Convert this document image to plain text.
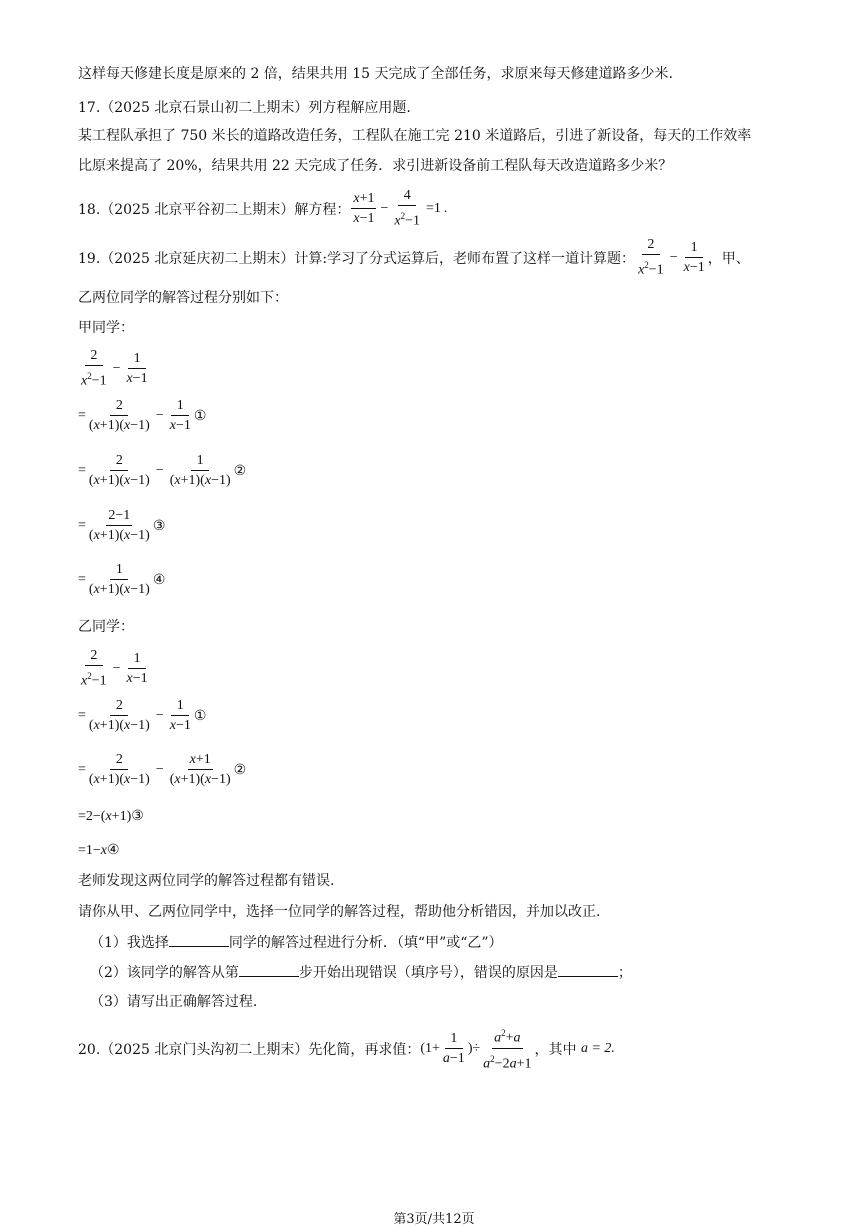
这样每天修建长度是原来的 2 倍，结果共用 15 天完成了全部任务，求原来每天修建道路多少米.
17.（2025 北京石景山初二上期末）列方程解应用题.
某工程队承担了 750 米长的道路改造任务，工程队在施工完 210 米道路后，引进了新设备，每天的工作效率
比原来提高了 20%，结果共用 22 天完成了任务．求引进新设备前工程队每天改造道路多少米？
18.（2025 北京平谷初二上期末）解方程：
x+1
x−1
− $\frac{4}{x^2-1} =1$ .
19.（2025 北京延庆初二上期末）计算:学习了分式运算后，老师布置了这样一道计算题：
2
$x^2-1$
− $\frac{1}{x-1}$ ，甲、
乙两位同学的解答过程分别如下：
甲同学：
2
$x^2-1$
− $\frac{1}{x-1}$
= $\frac{2}{(x+1)(x-1)} - \frac{1}{x-1}$ ①
= $\frac{2}{(x+1)(x-1)} - \frac{1}{(x+1)(x-1)}$ ②
= $\frac{2-1}{(x+1)(x-1)}$ ③
= $\frac{1}{(x+1)(x-1)}$ ④
乙同学：
2
$x^2-1$
− $\frac{1}{x-1}$
= $\frac{2}{(x+1)(x-1)} - \frac{1}{x-1}$ ①
= $\frac{2}{(x+1)(x-1)} - \frac{x+1}{(x+1)(x-1)}$ ②
=2−(x+1)③
=1−x④
老师发现这两位同学的解答过程都有错误.
请你从甲、乙两位同学中，选择一位同学的解答过程，帮助他分析错因，并加以改正.
（1）我选择	同学的解答过程进行分析．（填“甲”或“乙”）
（2）该同学的解答从第	步开始出现错误（填序号），错误的原因是	；
（3）请写出正确解答过程.
20.（2025 北京门头沟初二上期末）先化简，再求值： ($1+ \frac{1}{a-1}$ )÷ $\frac{a^2+a}{a^2-2a+1}$ ，其中 a = 2.
第3页/共12页
